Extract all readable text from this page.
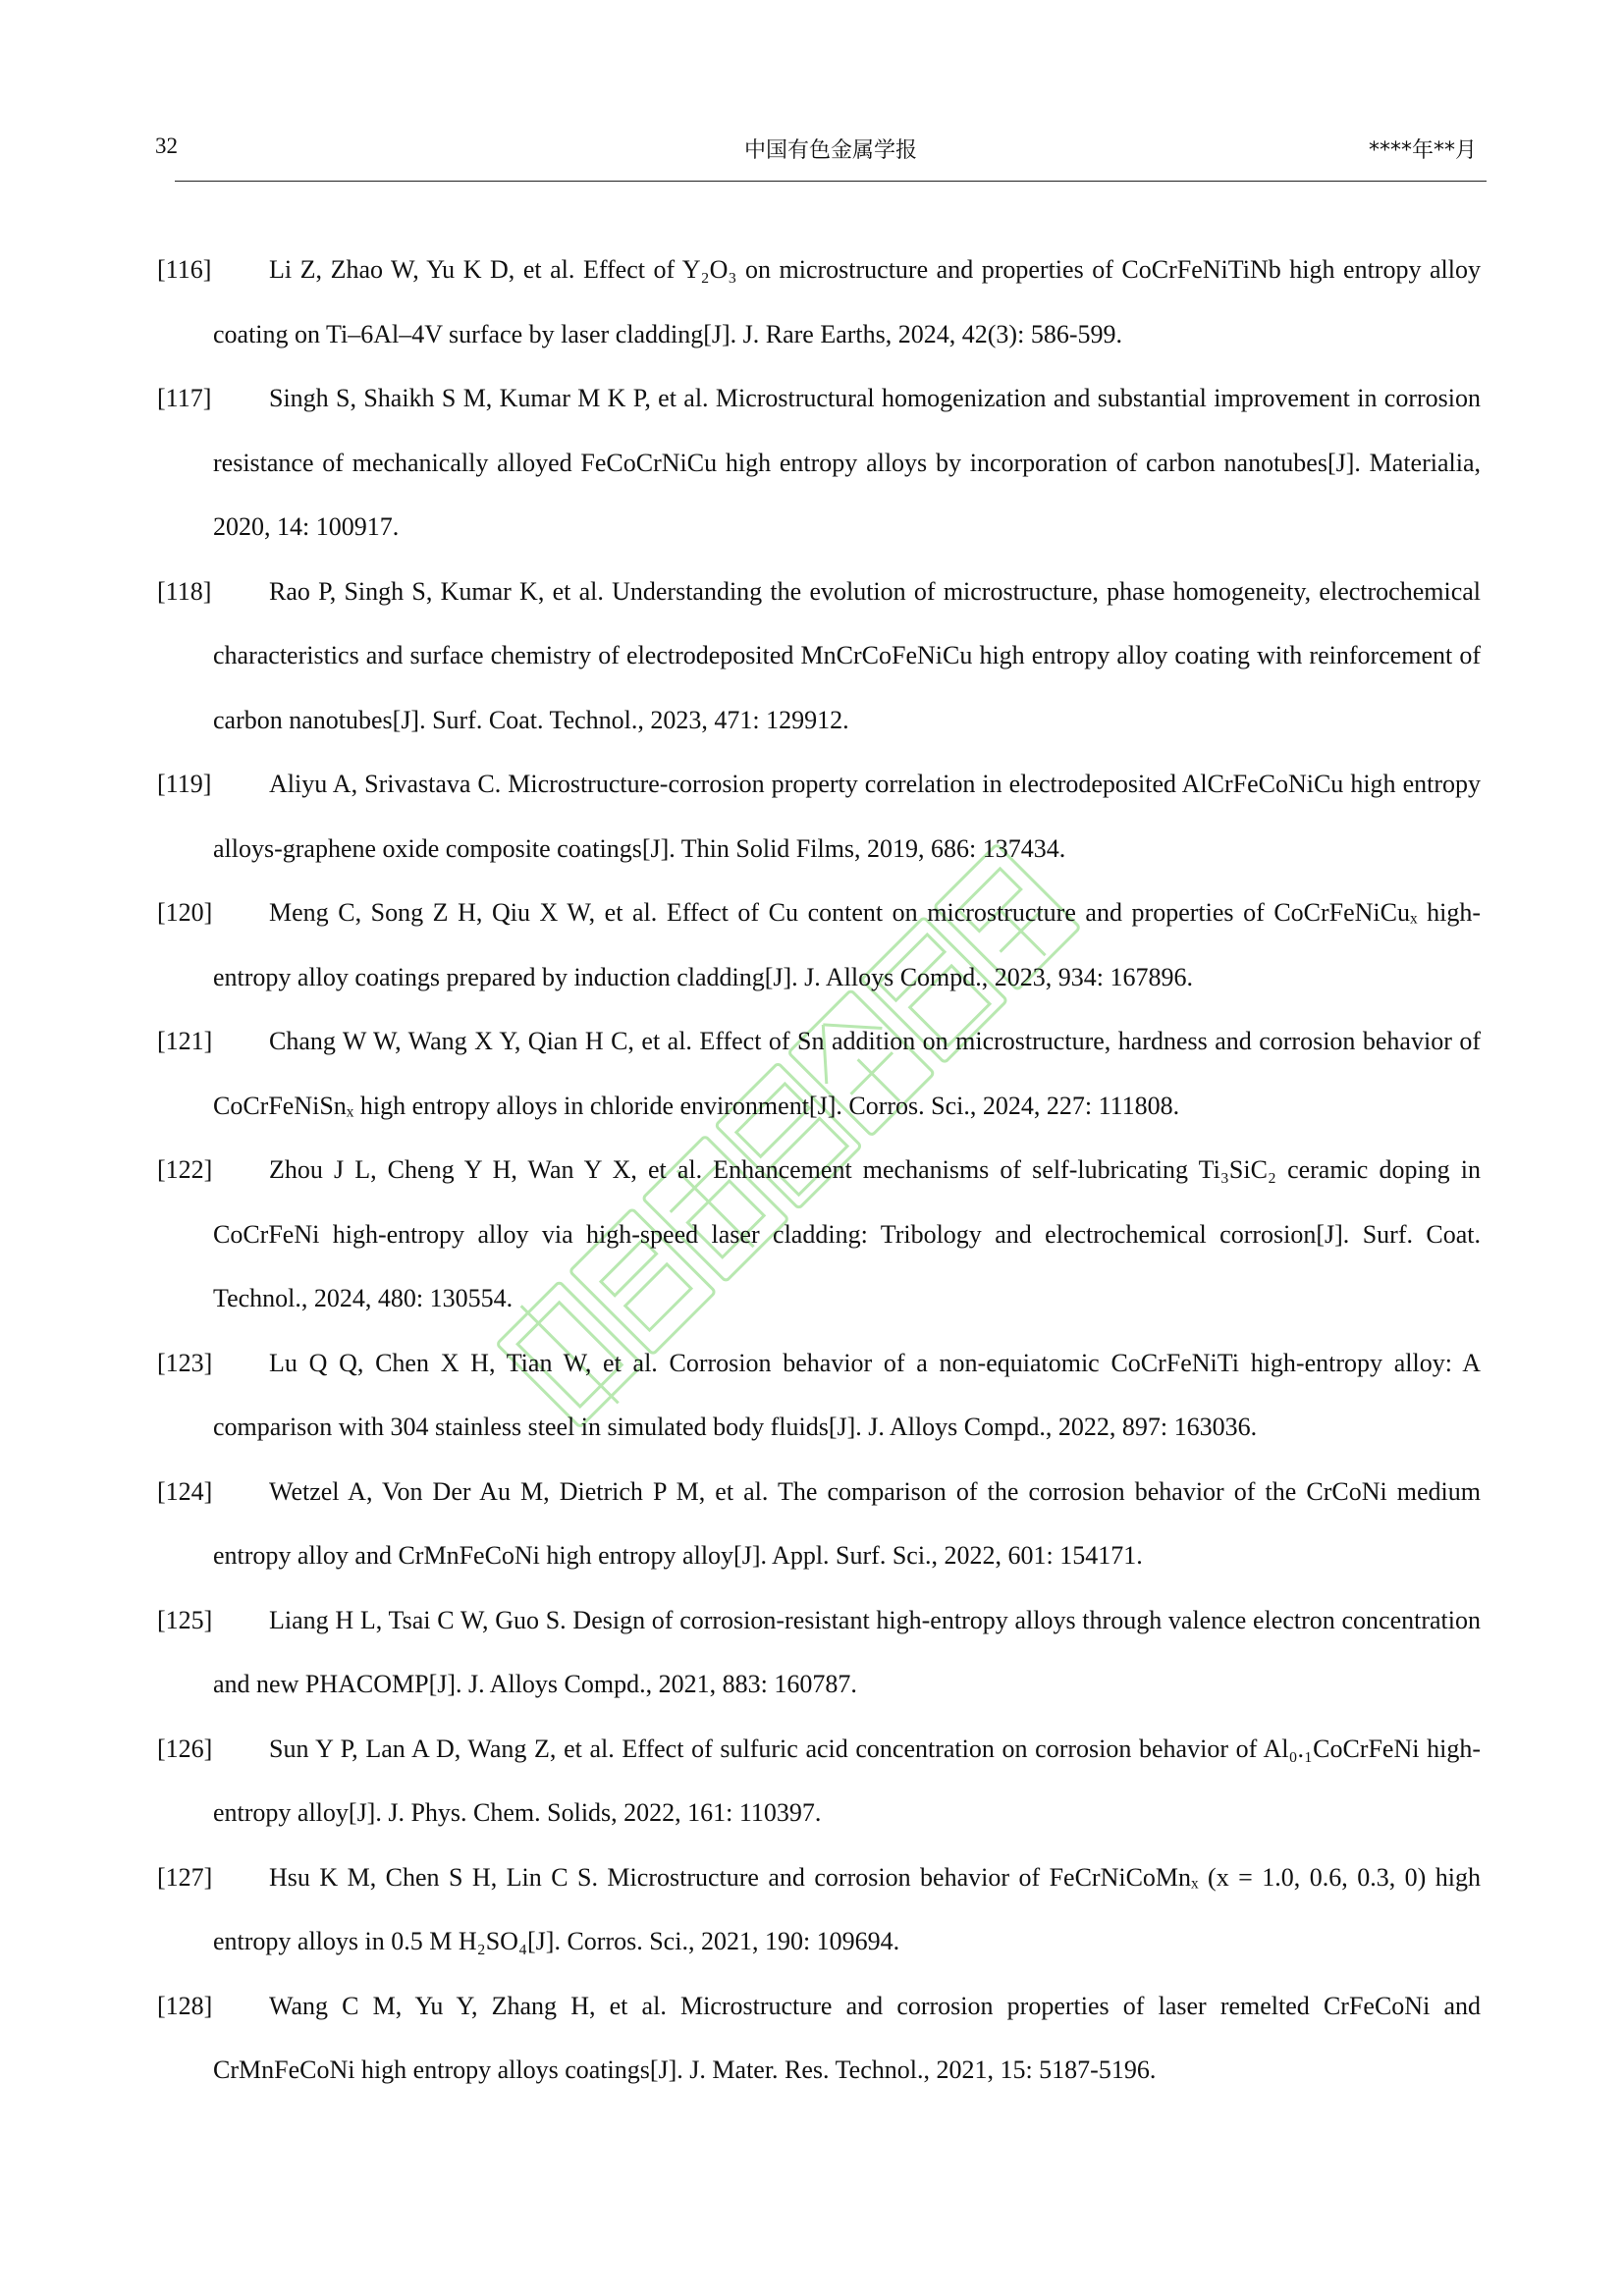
32	中国有色金属学报	****年**月
[116]	Li Z, Zhao W, Yu K D, et al. Effect of Y₂O₃ on microstructure and properties of CoCrFeNiTiNb high entropy alloy coating on Ti–6Al–4V surface by laser cladding[J]. J. Rare Earths, 2024, 42(3): 586-599.
[117]	Singh S, Shaikh S M, Kumar M K P, et al. Microstructural homogenization and substantial improvement in corrosion resistance of mechanically alloyed FeCoCrNiCu high entropy alloys by incorporation of carbon nanotubes[J]. Materialia, 2020, 14: 100917.
[118]	Rao P, Singh S, Kumar K, et al. Understanding the evolution of microstructure, phase homogeneity, electrochemical characteristics and surface chemistry of electrodeposited MnCrCoFeNiCu high entropy alloy coating with reinforcement of carbon nanotubes[J]. Surf. Coat. Technol., 2023, 471: 129912.
[119]	Aliyu A, Srivastava C. Microstructure-corrosion property correlation in electrodeposited AlCrFeCoNiCu high entropy alloys-graphene oxide composite coatings[J]. Thin Solid Films, 2019, 686: 137434.
[120]	Meng C, Song Z H, Qiu X W, et al. Effect of Cu content on microstructure and properties of CoCrFeNiCuₓ high-entropy alloy coatings prepared by induction cladding[J]. J. Alloys Compd., 2023, 934: 167896.
[121]	Chang W W, Wang X Y, Qian H C, et al. Effect of Sn addition on microstructure, hardness and corrosion behavior of CoCrFeNiSnₓ high entropy alloys in chloride environment[J]. Corros. Sci., 2024, 227: 111808.
[122]	Zhou J L, Cheng Y H, Wan Y X, et al. Enhancement mechanisms of self-lubricating Ti₃SiC₂ ceramic doping in CoCrFeNi high-entropy alloy via high-speed laser cladding: Tribology and electrochemical corrosion[J]. Surf. Coat. Technol., 2024, 480: 130554.
[123]	Lu Q Q, Chen X H, Tian W, et al. Corrosion behavior of a non-equiatomic CoCrFeNiTi high-entropy alloy: A comparison with 304 stainless steel in simulated body fluids[J]. J. Alloys Compd., 2022, 897: 163036.
[124]	Wetzel A, Von Der Au M, Dietrich P M, et al. The comparison of the corrosion behavior of the CrCoNi medium entropy alloy and CrMnFeCoNi high entropy alloy[J]. Appl. Surf. Sci., 2022, 601: 154171.
[125]	Liang H L, Tsai C W, Guo S. Design of corrosion-resistant high-entropy alloys through valence electron concentration and new PHACOMP[J]. J. Alloys Compd., 2021, 883: 160787.
[126]	Sun Y P, Lan A D, Wang Z, et al. Effect of sulfuric acid concentration on corrosion behavior of Al₀.₁CoCrFeNi high-entropy alloy[J]. J. Phys. Chem. Solids, 2022, 161: 110397.
[127]	Hsu K M, Chen S H, Lin C S. Microstructure and corrosion behavior of FeCrNiCoMnₓ (x = 1.0, 0.6, 0.3, 0) high entropy alloys in 0.5 M H₂SO₄[J]. Corros. Sci., 2021, 190: 109694.
[128]	Wang C M, Yu Y, Zhang H, et al. Microstructure and corrosion properties of laser remelted CrFeCoNi and CrMnFeCoNi high entropy alloys coatings[J]. J. Mater. Res. Technol., 2021, 15: 5187-5196.
